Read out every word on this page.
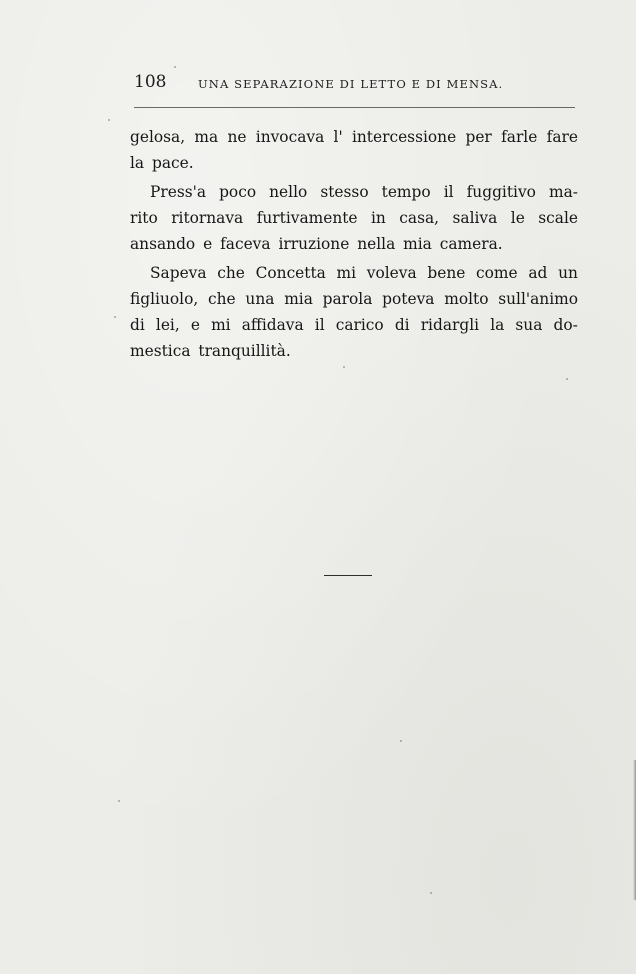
108	UNA SEPARAZIONE DI LETTO E DI MENSA.
gelosa, ma ne invocava l' intercessione per farle fare
la pace.
Press'a poco nello stesso tempo il fuggitivo ma-
rito ritornava furtivamente in casa, saliva le scale
ansando e faceva irruzione nella mia camera.
Sapeva che Concetta mi voleva bene come ad un
figliuolo, che una mia parola poteva molto sull'animo
di lei, e mi affidava il carico di ridargli la sua do-
mestica tranquillità.
